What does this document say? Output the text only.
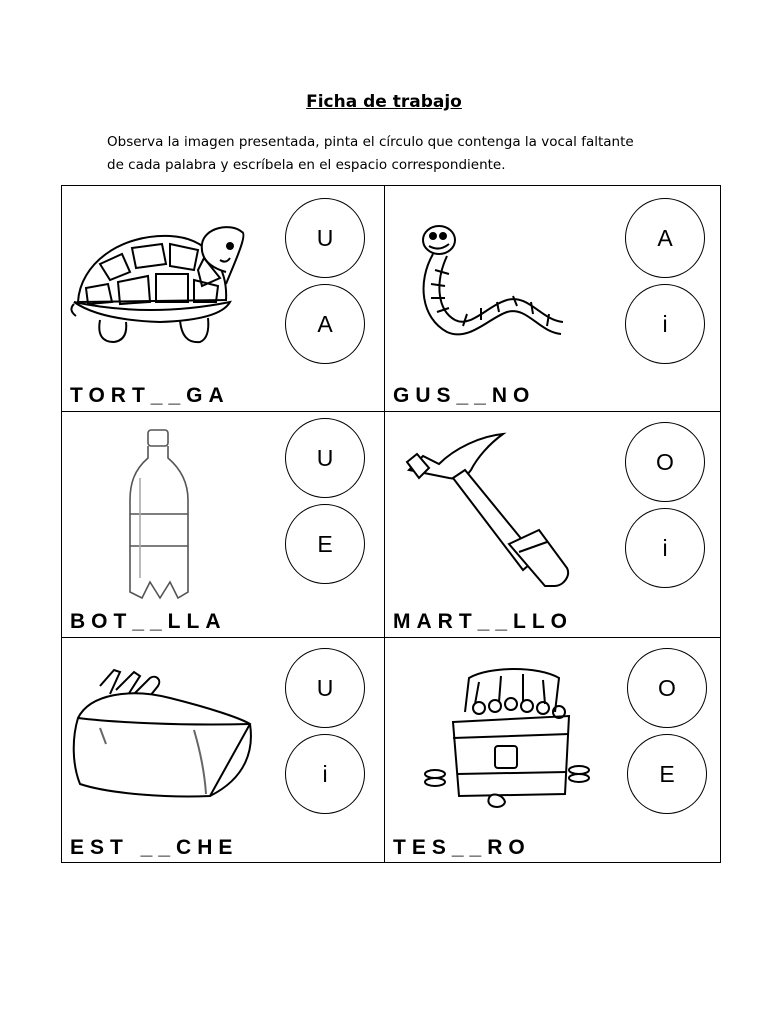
Ficha de trabajo
Observa la imagen presentada, pinta el círculo que contenga la vocal faltante
de cada palabra y escríbela en el espacio correspondiente.
U
A
TORT__GA
A
i
GUS__NO
U
E
BOT__LLA
O
i
MART__LLO
U
i
EST __CHE
O
E
TES__RO
